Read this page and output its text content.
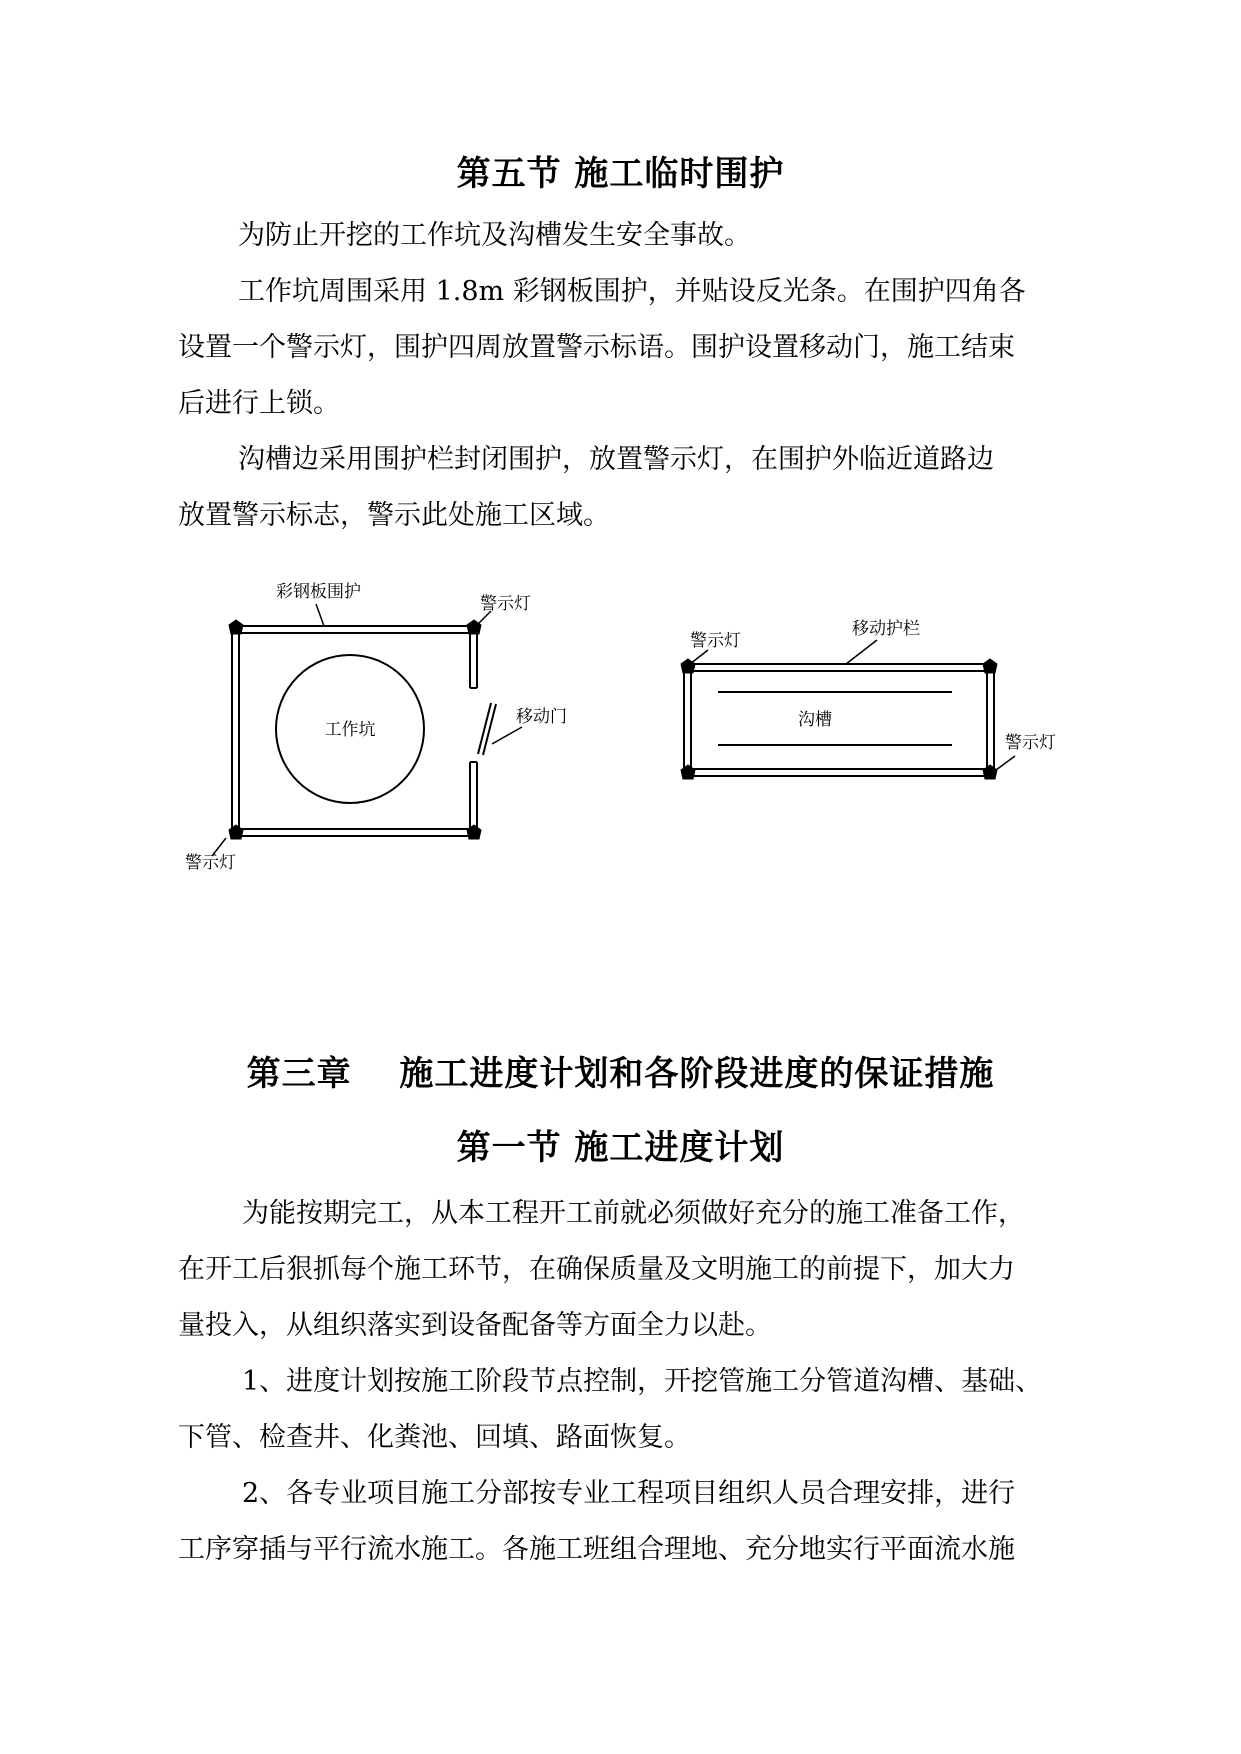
第五节 施工临时围护
为防止开挖的工作坑及沟槽发生安全事故。
工作坑周围采用 1.8m 彩钢板围护，并贴设反光条。在围护四角各
设置一个警示灯，围护四周放置警示标语。围护设置移动门，施工结束
后进行上锁。
沟槽边采用围护栏封闭围护，放置警示灯，在围护外临近道路边
放置警示标志，警示此处施工区域。
彩钢板围护
警示灯
工作坑
移动门
警示灯
警示灯
移动护栏
沟槽
警示灯
第三章　 施工进度计划和各阶段进度的保证措施
第一节 施工进度计划
为能按期完工，从本工程开工前就必须做好充分的施工准备工作，
在开工后狠抓每个施工环节，在确保质量及文明施工的前提下，加大力
量投入，从组织落实到设备配备等方面全力以赴。
1、进度计划按施工阶段节点控制，开挖管施工分管道沟槽、基础、
下管、检查井、化粪池、回填、路面恢复。
2、各专业项目施工分部按专业工程项目组织人员合理安排，进行
工序穿插与平行流水施工。各施工班组合理地、充分地实行平面流水施
